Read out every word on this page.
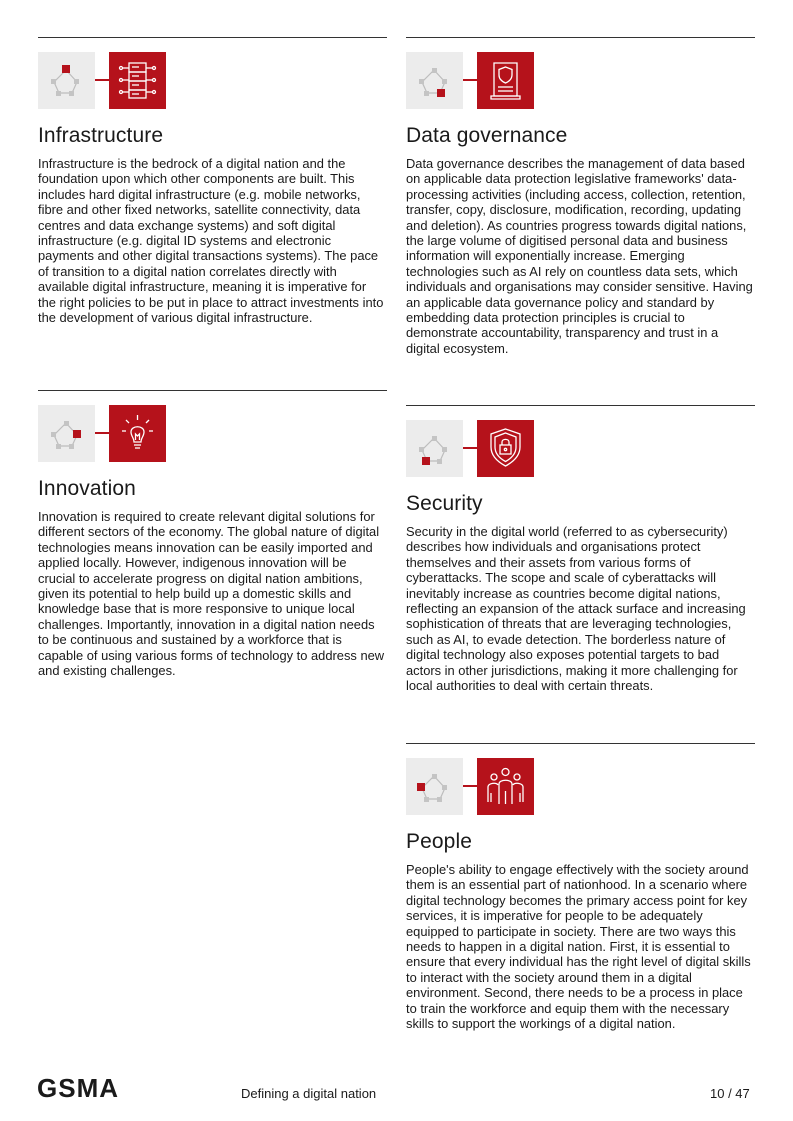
Infrastructure

Infrastructure is the bedrock of a digital nation and the foundation upon which other components are built. This includes hard digital infrastructure (e.g. mobile networks, fibre and other fixed networks, satellite connectivity, data centres and data exchange systems) and soft digital infrastructure (e.g. digital ID systems and electronic payments and other digital transactions systems). The pace of transition to a digital nation correlates directly with available digital infrastructure, meaning it is imperative for the right policies to be put in place to attract investments into the development of various digital infrastructure.

Data governance

Data governance describes the management of data based on applicable data protection legislative frameworks' data-processing activities (including access, collection, retention, transfer, copy, disclosure, modification, recording, updating and deletion). As countries progress towards digital nations, the large volume of digitised personal data and business information will exponentially increase. Emerging technologies such as AI rely on countless data sets, which individuals and organisations may consider sensitive. Having an applicable data governance policy and standard by embedding data protection principles is crucial to demonstrate accountability, transparency and trust in a digital ecosystem.

Innovation

Innovation is required to create relevant digital solutions for different sectors of the economy. The global nature of digital technologies means innovation can be easily imported and applied locally. However, indigenous innovation will be crucial to accelerate progress on digital nation ambitions, given its potential to help build up a domestic skills and knowledge base that is more responsive to unique local challenges. Importantly, innovation in a digital nation needs to be continuous and sustained by a workforce that is capable of using various forms of technology to address new and existing challenges.

Security

Security in the digital world (referred to as cybersecurity) describes how individuals and organisations protect themselves and their assets from various forms of cyberattacks. The scope and scale of cyberattacks will inevitably increase as countries become digital nations, reflecting an expansion of the attack surface and increasing sophistication of threats that are leveraging technologies, such as AI, to evade detection. The borderless nature of digital technology also exposes potential targets to bad actors in other jurisdictions, making it more challenging for local authorities to deal with certain threats.

People

People's ability to engage effectively with the society around them is an essential part of nationhood. In a scenario where digital technology becomes the primary access point for key services, it is imperative for people to be adequately equipped to participate in society. There are two ways this needs to happen in a digital nation. First, it is essential to ensure that every individual has the right level of digital skills to interact with the society around them in a digital environment. Second, there needs to be a process in place to train the workforce and equip them with the necessary skills to support the workings of a digital nation.

GSMA	Defining a digital nation	10 / 47
